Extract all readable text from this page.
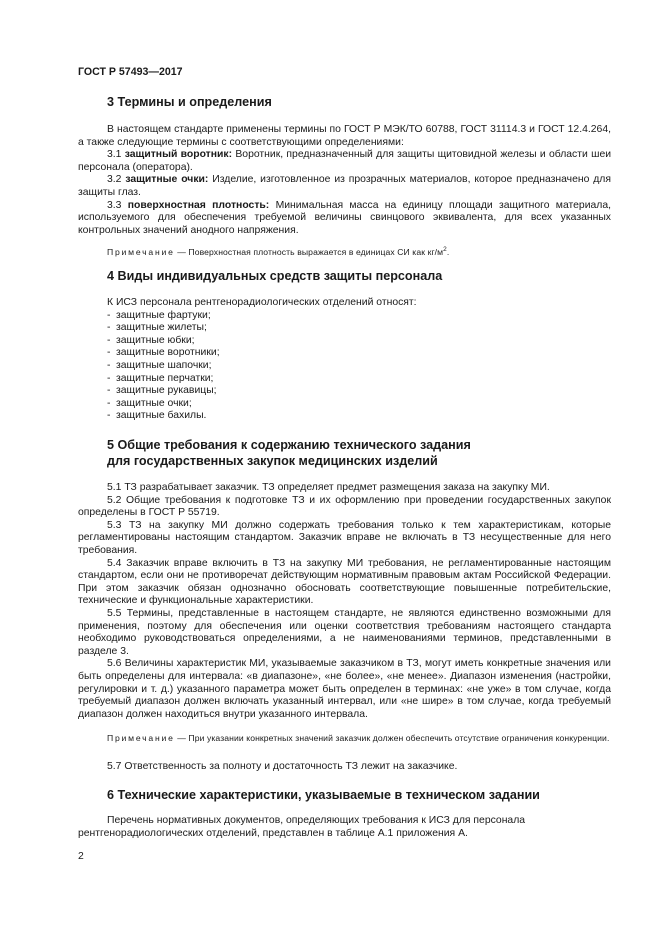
ГОСТ Р 57493—2017
3 Термины и определения

В настоящем стандарте применены термины по ГОСТ Р МЭК/ТО 60788, ГОСТ 31114.3 и ГОСТ 12.4.264, а также следующие термины с соответствующими определениями:

3.1 защитный воротник: Воротник, предназначенный для защиты щитовидной железы и области шеи персонала (оператора).

3.2 защитные очки: Изделие, изготовленное из прозрачных материалов, которое предназначено для защиты глаз.

3.3 поверхностная плотность: Минимальная масса на единицу площади защитного материала, используемого для обеспечения требуемой величины свинцового эквивалента, для всех указанных контрольных значений анодного напряжения.

Примечание — Поверхностная плотность выражается в единицах СИ как $кг/м^2$.

4 Виды индивидуальных средств защиты персонала

К ИСЗ персонала рентгенорадиологических отделений относят:

- защитные фартуки;
- защитные жилеты;
- защитные юбки;
- защитные воротники;
- защитные шапочки;
- защитные перчатки;
- защитные рукавицы;
- защитные очки;
- защитные бахилы.
5 Общие требования к содержанию технического задания
для государственных закупок медицинских изделий

5.1 ТЗ разрабатывает заказчик. ТЗ определяет предмет размещения заказа на закупку МИ.

5.2 Общие требования к подготовке ТЗ и их оформлению при проведении государственных закупок определены в ГОСТ Р 55719.

5.3 ТЗ на закупку МИ должно содержать требования только к тем характеристикам, которые регламентированы настоящим стандартом. Заказчик вправе не включать в ТЗ несущественные для него требования.

5.4 Заказчик вправе включить в ТЗ на закупку МИ требования, не регламентированные настоящим стандартом, если они не противоречат действующим нормативным правовым актам Российской Федерации. При этом заказчик обязан однозначно обосновать соответствующие повышенные потребительские, технические и функциональные характеристики.

5.5 Термины, представленные в настоящем стандарте, не являются единственно возможными для применения, поэтому для обеспечения или оценки соответствия требованиям настоящего стандарта необходимо руководствоваться определениями, а не наименованиями терминов, представленными в разделе 3.

5.6 Величины характеристик МИ, указываемые заказчиком в ТЗ, могут иметь конкретные значения или быть определены для интервала: «в диапазоне», «не более», «не менее». Диапазон изменения (настройки, регулировки и т. д.) указанного параметра может быть определен в терминах: «не уже» в том случае, когда требуемый диапазон должен включать указанный интервал, или «не шире» в том случае, когда требуемый диапазон должен находиться внутри указанного интервала.

Примечание — При указании конкретных значений заказчик должен обеспечить отсутствие ограничения конкуренции.

5.7 Ответственность за полноту и достаточность ТЗ лежит на заказчике.

6 Технические характеристики, указываемые в техническом задании

Перечень нормативных документов, определяющих требования к ИСЗ для персонала рентгенорадиологических отделений, представлен в таблице А.1 приложения А.

2
